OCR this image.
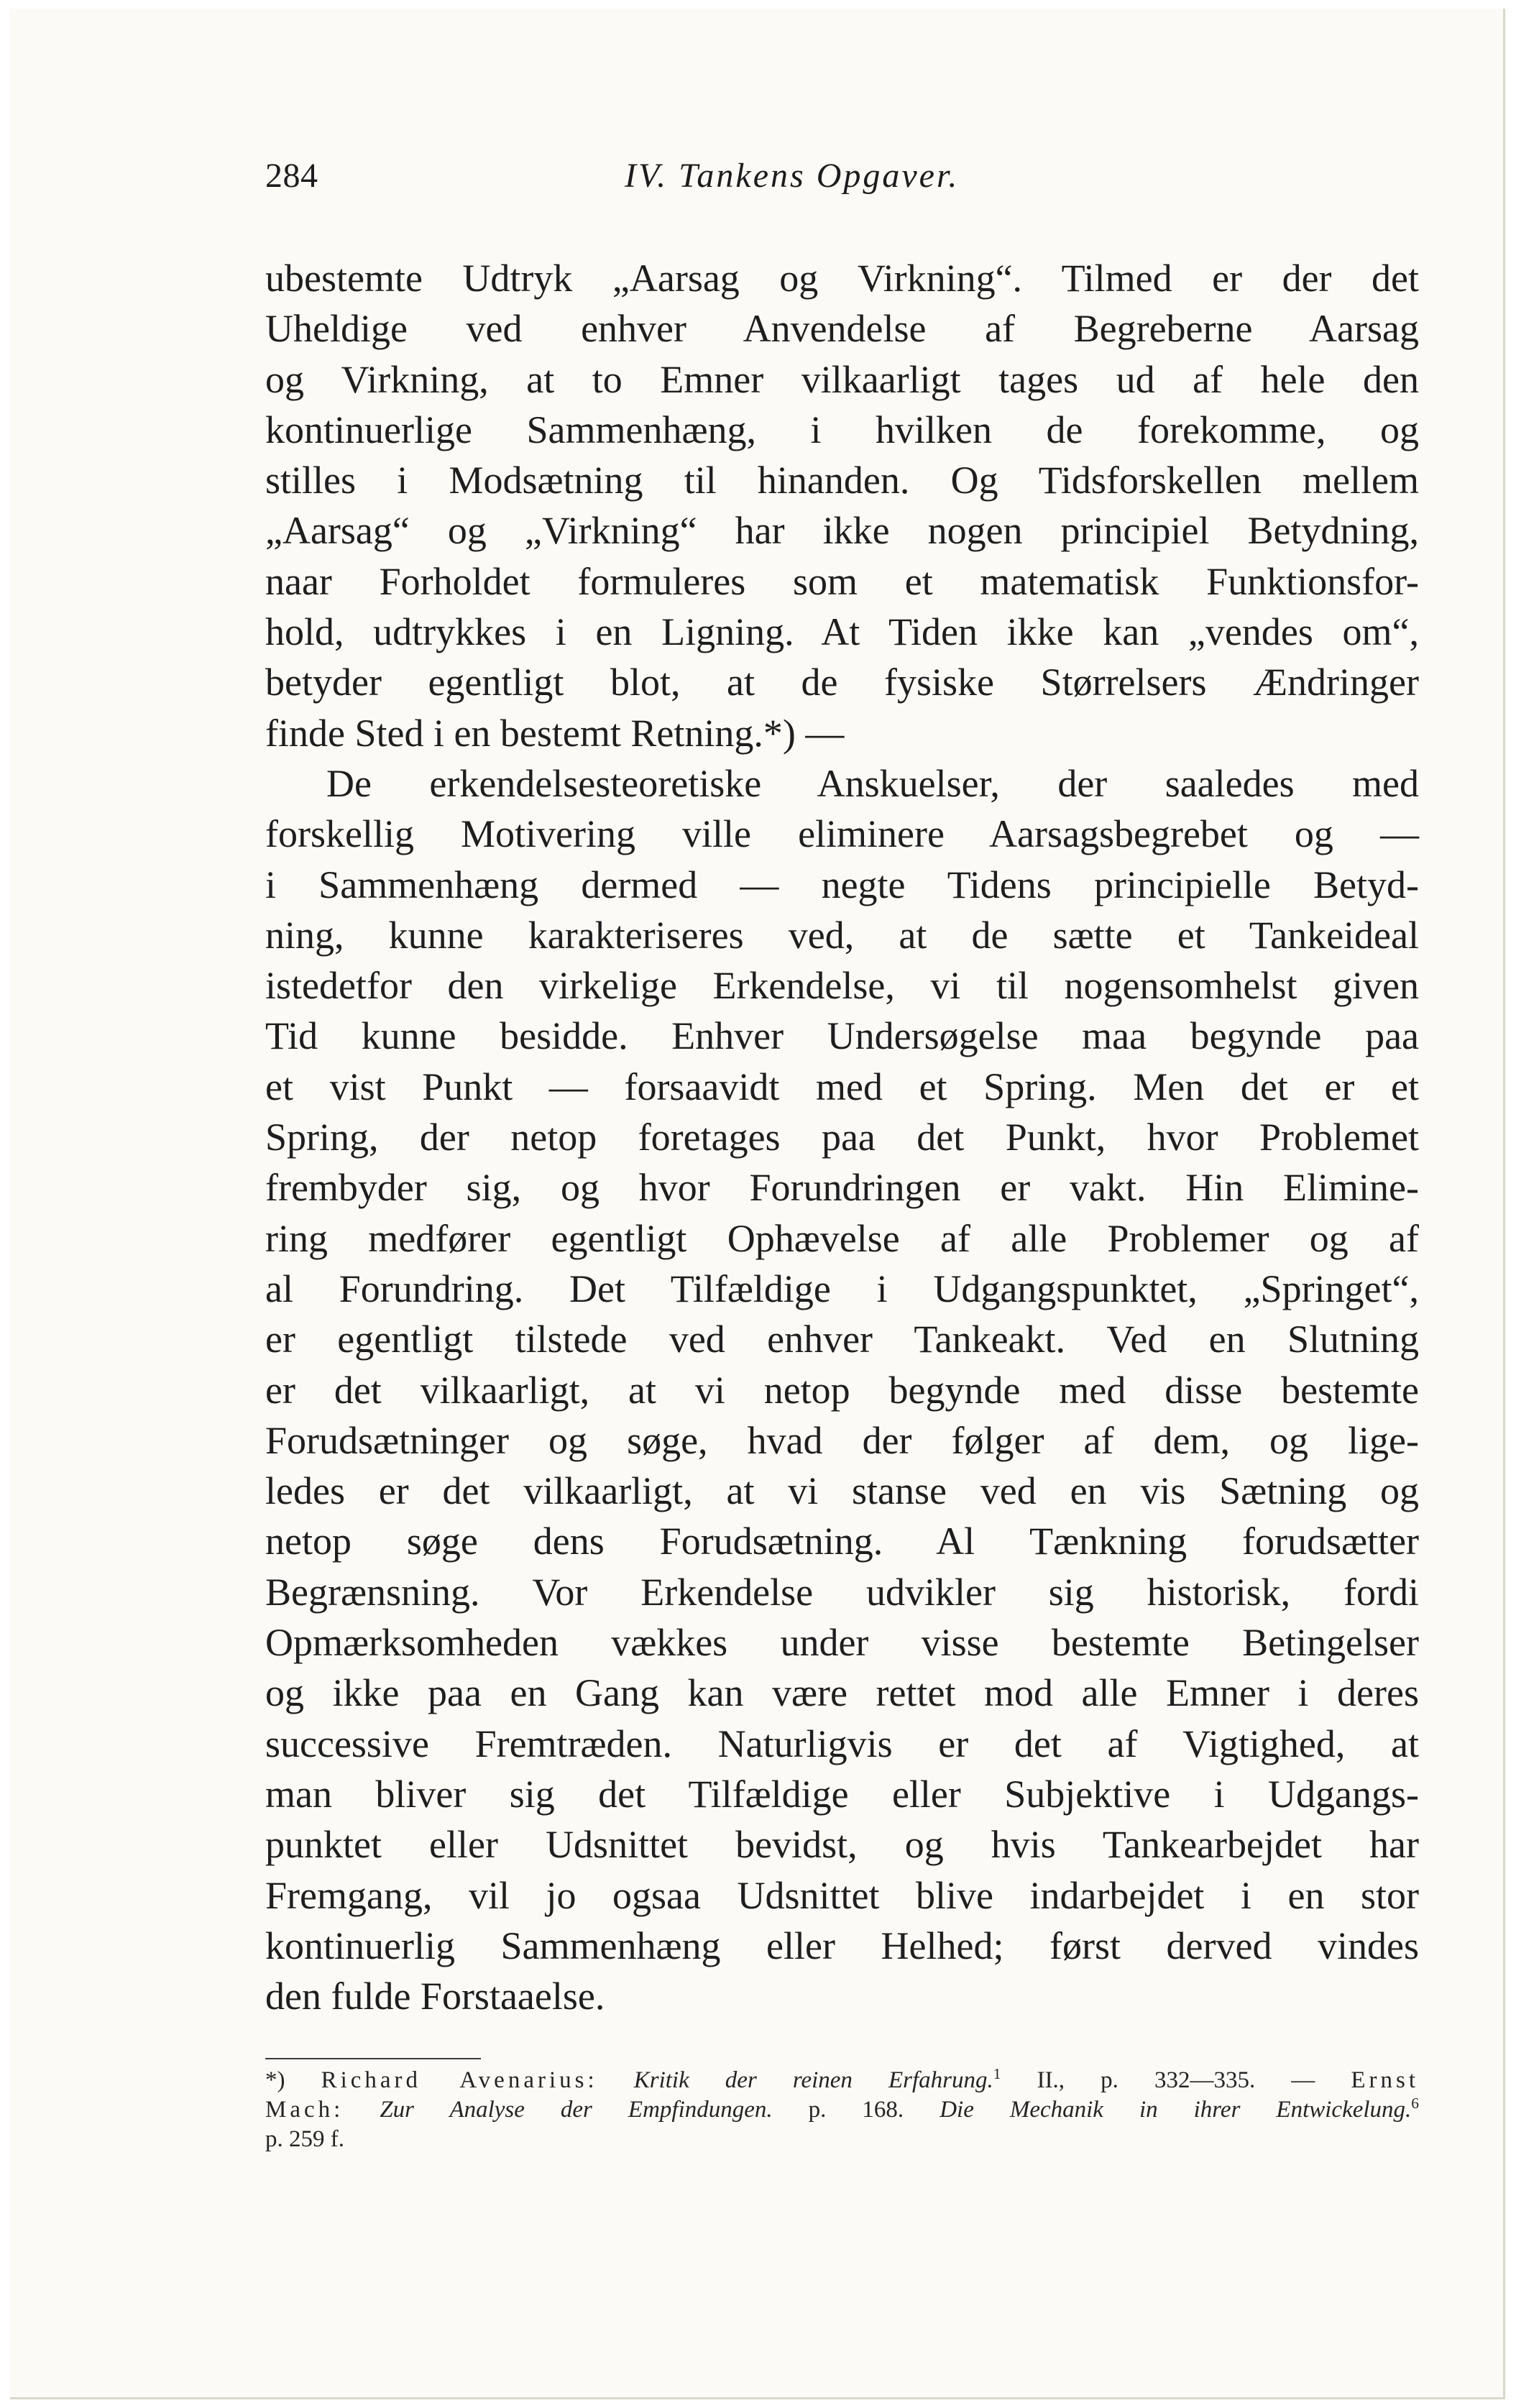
284	IV. Tankens Opgaver.
ubestemte Udtryk „Aarsag og Virkning“. Tilmed er der det
Uheldige ved enhver Anvendelse af Begreberne Aarsag
og Virkning, at to Emner vilkaarligt tages ud af hele den
kontinuerlige Sammenhæng, i hvilken de forekomme, og
stilles i Modsætning til hinanden. Og Tidsforskellen mellem
„Aarsag“ og „Virkning“ har ikke nogen principiel Betydning,
naar Forholdet formuleres som et matematisk Funktionsfor-
hold, udtrykkes i en Ligning. At Tiden ikke kan „vendes om“,
betyder egentligt blot, at de fysiske Størrelsers Ændringer
finde Sted i en bestemt Retning.*) —
De erkendelsesteoretiske Anskuelser, der saaledes med
forskellig Motivering ville eliminere Aarsagsbegrebet og —
i Sammenhæng dermed — negte Tidens principielle Betyd-
ning, kunne karakteriseres ved, at de sætte et Tankeideal
istedetfor den virkelige Erkendelse, vi til nogensomhelst given
Tid kunne besidde. Enhver Undersøgelse maa begynde paa
et vist Punkt — forsaavidt med et Spring. Men det er et
Spring, der netop foretages paa det Punkt, hvor Problemet
frembyder sig, og hvor Forundringen er vakt. Hin Elimine-
ring medfører egentligt Ophævelse af alle Problemer og af
al Forundring. Det Tilfældige i Udgangspunktet, „Springet“,
er egentligt tilstede ved enhver Tankeakt. Ved en Slutning
er det vilkaarligt, at vi netop begynde med disse bestemte
Forudsætninger og søge, hvad der følger af dem, og lige-
ledes er det vilkaarligt, at vi stanse ved en vis Sætning og
netop søge dens Forudsætning. Al Tænkning forudsætter
Begrænsning. Vor Erkendelse udvikler sig historisk, fordi
Opmærksomheden vækkes under visse bestemte Betingelser
og ikke paa en Gang kan være rettet mod alle Emner i deres
successive Fremtræden. Naturligvis er det af Vigtighed, at
man bliver sig det Tilfældige eller Subjektive i Udgangs-
punktet eller Udsnittet bevidst, og hvis Tankearbejdet har
Fremgang, vil jo ogsaa Udsnittet blive indarbejdet i en stor
kontinuerlig Sammenhæng eller Helhed; først derved vindes
den fulde Forstaaelse.
*) Richard Avenarius: Kritik der reinen Erfahrung.$^1$ II., p. 332—335. — Ernst
Mach: Zur Analyse der Empfindungen. p. 168. Die Mechanik in ihrer Entwickelung.$^6$
p. 259 f.
